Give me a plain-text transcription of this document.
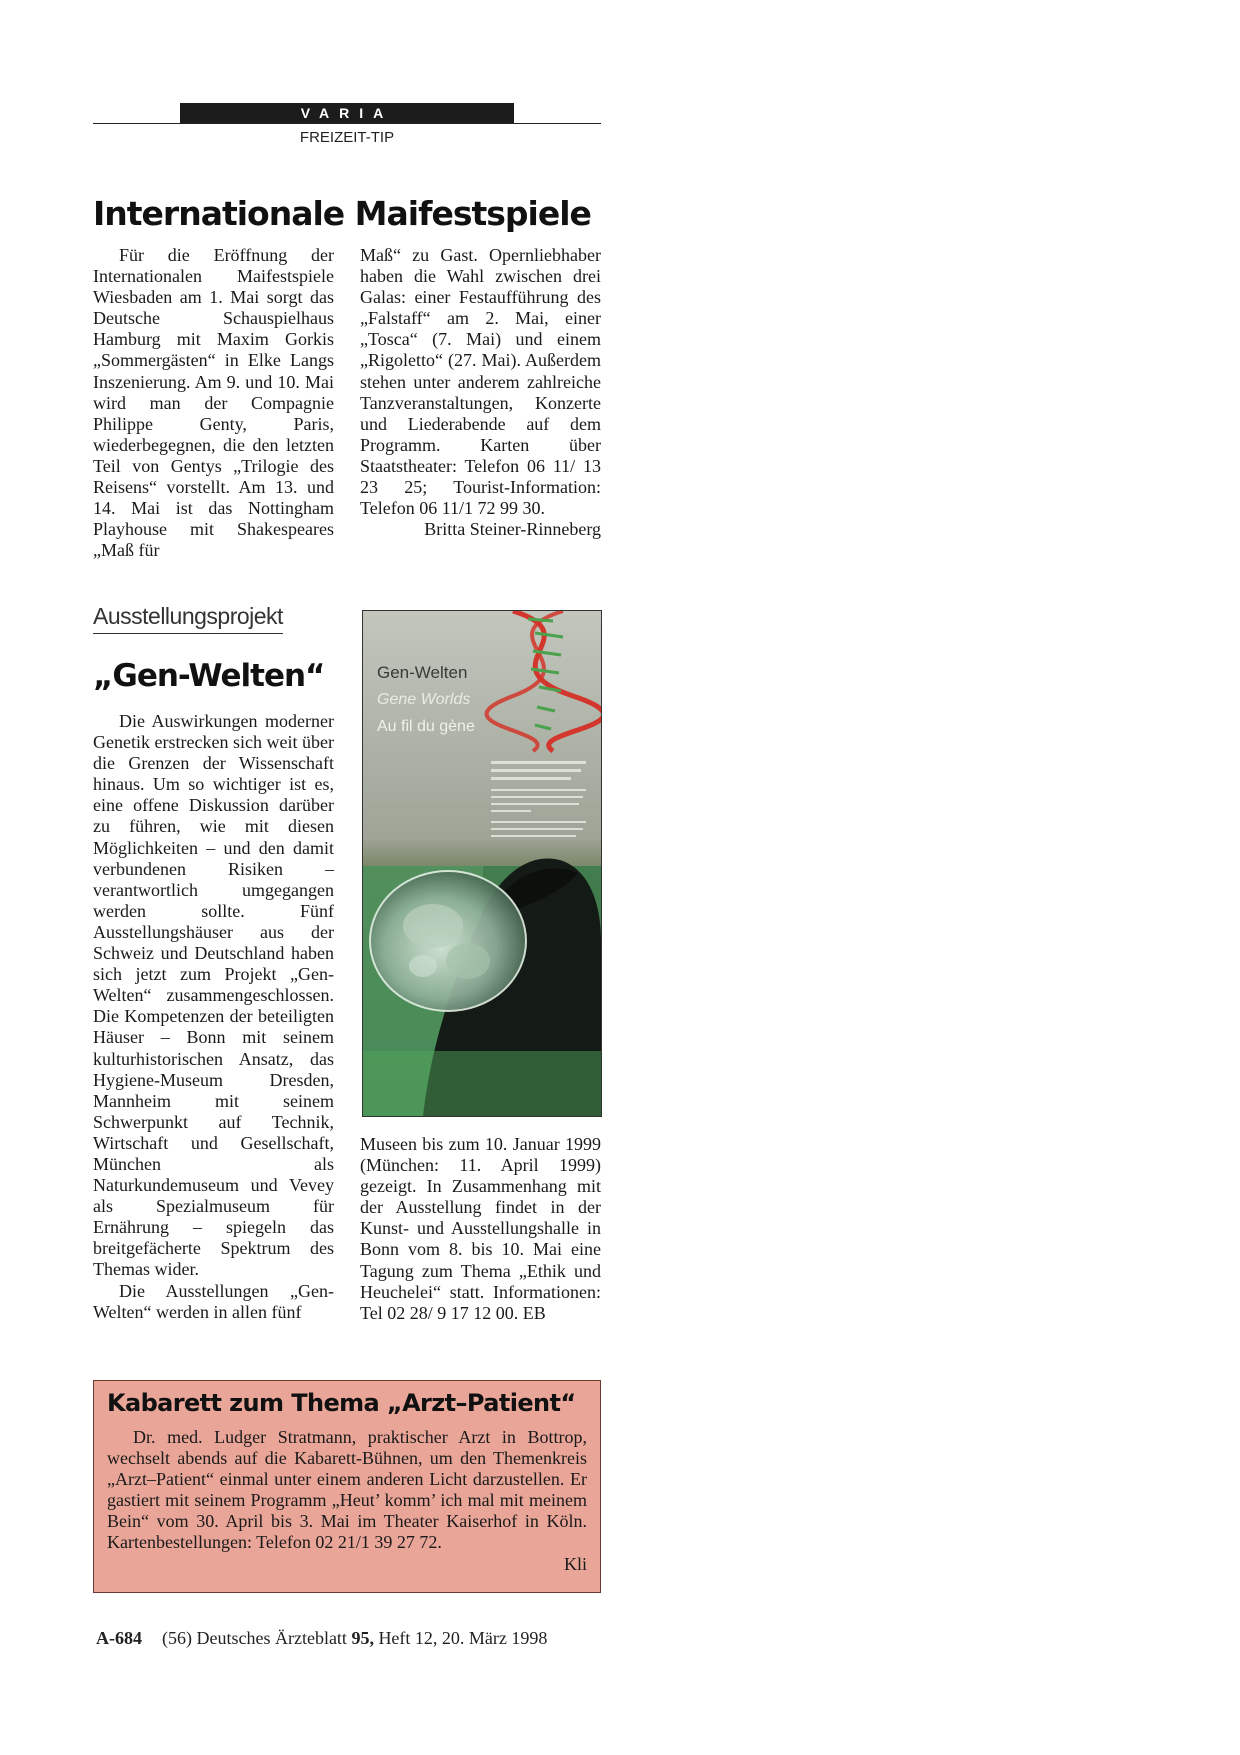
VARIA
FREIZEIT-TIP
Internationale Maifestspiele

Für die Eröffnung der Internationalen Maifestspiele Wiesbaden am 1. Mai sorgt das Deutsche Schauspielhaus Hamburg mit Maxim Gorkis „Sommergästen“ in Elke Langs Inszenierung. Am 9. und 10. Mai wird man der Compagnie Philippe Genty, Paris, wiederbegegnen, die den letzten Teil von Gentys „Trilogie des Reisens“ vorstellt. Am 13. und 14. Mai ist das Nottingham Playhouse mit Shakespeares „Maß für

Maß“ zu Gast. Opernliebhaber haben die Wahl zwischen drei Galas: einer Festaufführung des „Falstaff“ am 2. Mai, einer „Tosca“ (7. Mai) und einem „Rigoletto“ (27. Mai). Außerdem stehen unter anderem zahlreiche Tanzveranstaltungen, Konzerte und Liederabende auf dem Programm. Karten über Staatstheater: Telefon 06 11/ 13 23 25; Tourist-Information: Telefon 06 11/1 72 99 30.
Britta Steiner-Rinneberg
Ausstellungsprojekt
„Gen-Welten“	Gen-Welten
Gene Worlds
Au fil du gène

Die Auswirkungen moderner Genetik erstrecken sich weit über die Grenzen der Wissenschaft hinaus. Um so wichtiger ist es, eine offene Diskussion darüber zu führen, wie mit diesen Möglichkeiten – und den damit verbundenen Risiken – verantwortlich umgegangen werden sollte. Fünf Ausstellungshäuser aus der Schweiz und Deutschland haben sich jetzt zum Projekt „Gen-Welten“ zusammengeschlossen. Die Kompetenzen der beteiligten Häuser – Bonn mit seinem kulturhistorischen Ansatz, das Hygiene-Museum Dresden, Mannheim mit seinem Schwerpunkt auf Technik, Wirtschaft und Gesellschaft, München als Naturkundemuseum und Vevey als Spezialmuseum für Ernährung – spiegeln das breitgefächerte Spektrum des Themas wider.

Die Ausstellungen „Gen-Welten“ werden in allen fünf

Museen bis zum 10. Januar 1999 (München: 11. April 1999) gezeigt. In Zusammenhang mit der Ausstellung findet in der Kunst- und Ausstellungshalle in Bonn vom 8. bis 10. Mai eine Tagung zum Thema „Ethik und Heuchelei“ statt. Informationen: Tel 02 28/ 9 17 12 00. EB
Kabarett zum Thema „Arzt–Patient“

Dr. med. Ludger Stratmann, praktischer Arzt in Bottrop, wechselt abends auf die Kabarett-Bühnen, um den Themenkreis „Arzt–Patient“ einmal unter einem anderen Licht darzustellen. Er gastiert mit seinem Programm „Heut’ komm’ ich mal mit meinem Bein“ vom 30. April bis 3. Mai im Theater Kaiserhof in Köln. Kartenbestellungen: Telefon 02 21/1 39 27 72.

Kli
A-684 (56) Deutsches Ärzteblatt 95, Heft 12, 20. März 1998
